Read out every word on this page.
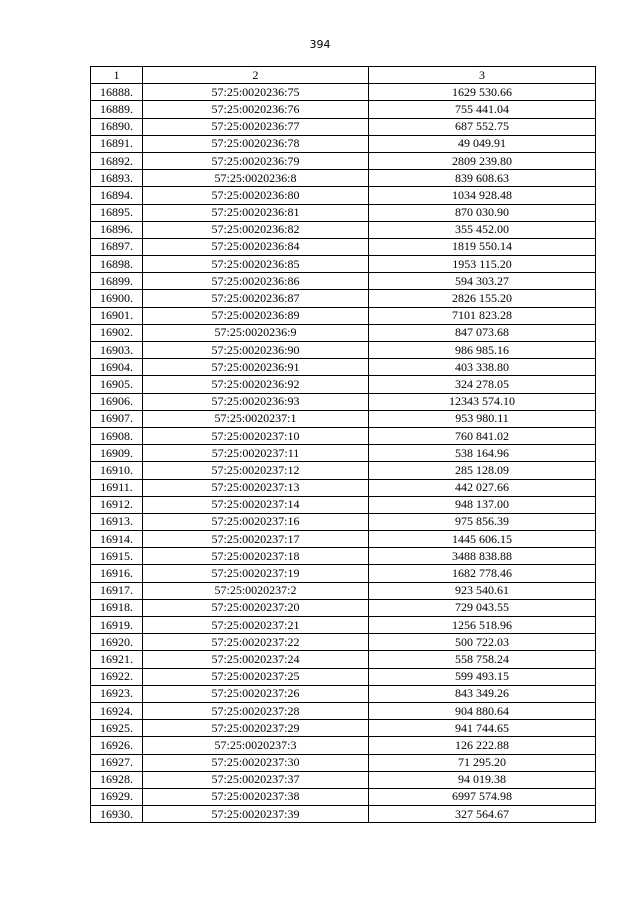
394
1	2	3
16888.	57:25:0020236:75	1629 530.66
16889.	57:25:0020236:76	755 441.04
16890.	57:25:0020236:77	687 552.75
16891.	57:25:0020236:78	49 049.91
16892.	57:25:0020236:79	2809 239.80
16893.	57:25:0020236:8	839 608.63
16894.	57:25:0020236:80	1034 928.48
16895.	57:25:0020236:81	870 030.90
16896.	57:25:0020236:82	355 452.00
16897.	57:25:0020236:84	1819 550.14
16898.	57:25:0020236:85	1953 115.20
16899.	57:25:0020236:86	594 303.27
16900.	57:25:0020236:87	2826 155.20
16901.	57:25:0020236:89	7101 823.28
16902.	57:25:0020236:9	847 073.68
16903.	57:25:0020236:90	986 985.16
16904.	57:25:0020236:91	403 338.80
16905.	57:25:0020236:92	324 278.05
16906.	57:25:0020236:93	12343 574.10
16907.	57:25:0020237:1	953 980.11
16908.	57:25:0020237:10	760 841.02
16909.	57:25:0020237:11	538 164.96
16910.	57:25:0020237:12	285 128.09
16911.	57:25:0020237:13	442 027.66
16912.	57:25:0020237:14	948 137.00
16913.	57:25:0020237:16	975 856.39
16914.	57:25:0020237:17	1445 606.15
16915.	57:25:0020237:18	3488 838.88
16916.	57:25:0020237:19	1682 778.46
16917.	57:25:0020237:2	923 540.61
16918.	57:25:0020237:20	729 043.55
16919.	57:25:0020237:21	1256 518.96
16920.	57:25:0020237:22	500 722.03
16921.	57:25:0020237:24	558 758.24
16922.	57:25:0020237:25	599 493.15
16923.	57:25:0020237:26	843 349.26
16924.	57:25:0020237:28	904 880.64
16925.	57:25:0020237:29	941 744.65
16926.	57:25:0020237:3	126 222.88
16927.	57:25:0020237:30	71 295.20
16928.	57:25:0020237:37	94 019.38
16929.	57:25:0020237:38	6997 574.98
16930.	57:25:0020237:39	327 564.67
